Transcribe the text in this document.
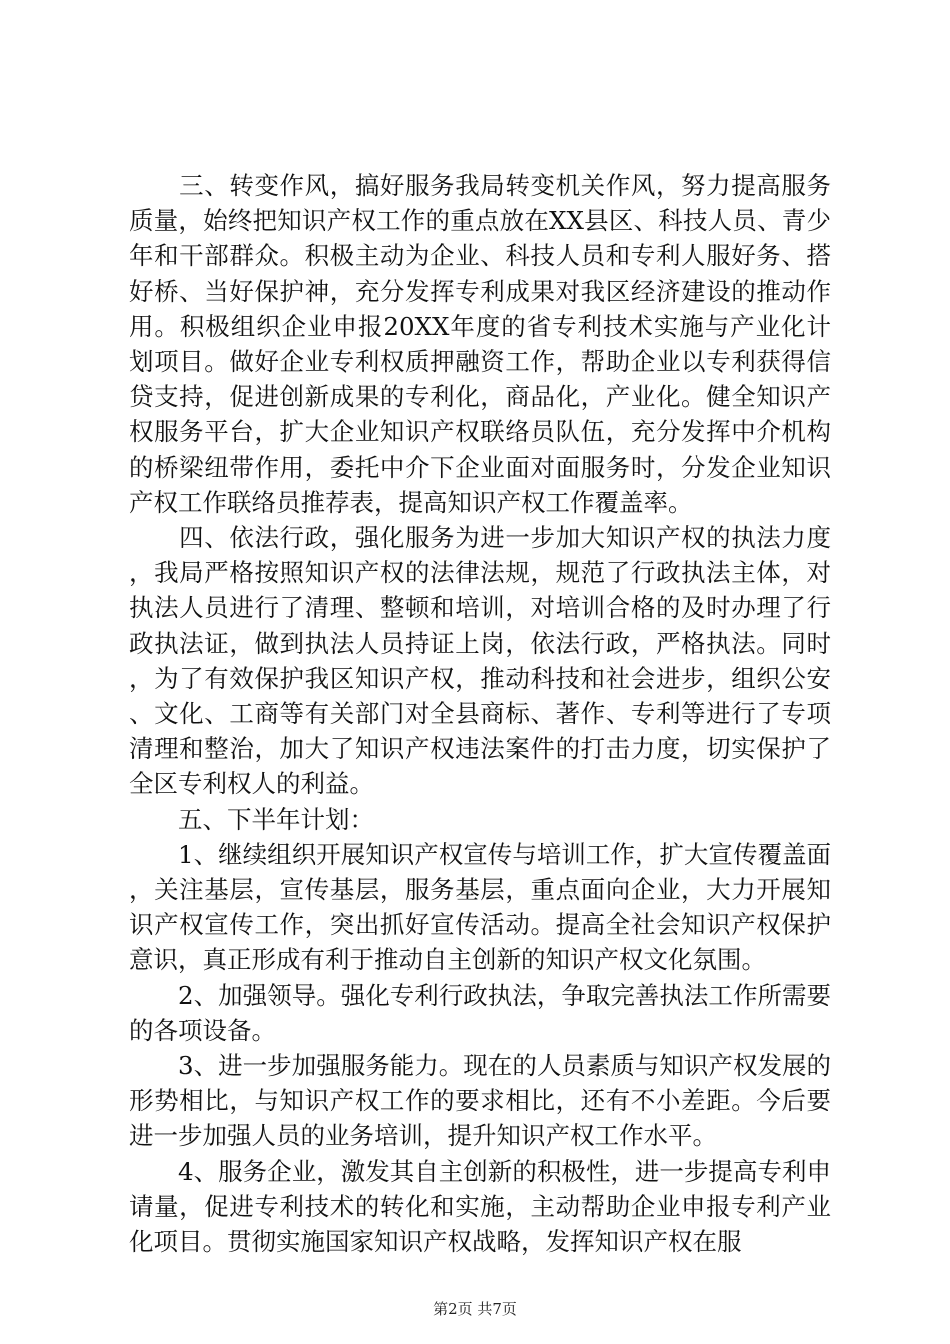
　　三、转变作风，搞好服务我局转变机关作风，努力提高服务质量，始终把知识产权工作的重点放在XX县区、科技人员、青少年和干部群众。积极主动为企业、科技人员和专利人服好务、搭好桥、当好保护神，充分发挥专利成果对我区经济建设的推动作用。积极组织企业申报20XX年度的省专利技术实施与产业化计划项目。做好企业专利权质押融资工作，帮助企业以专利获得信贷支持，促进创新成果的专利化，商品化，产业化。健全知识产权服务平台，扩大企业知识产权联络员队伍，充分发挥中介机构的桥梁纽带作用，委托中介下企业面对面服务时，分发企业知识产权工作联络员推荐表，提高知识产权工作覆盖率。

　　四、依法行政，强化服务为进一步加大知识产权的执法力度，我局严格按照知识产权的法律法规，规范了行政执法主体，对执法人员进行了清理、整顿和培训，对培训合格的及时办理了行政执法证，做到执法人员持证上岗，依法行政，严格执法。同时，为了有效保护我区知识产权，推动科技和社会进步，组织公安、文化、工商等有关部门对全县商标、著作、专利等进行了专项清理和整治，加大了知识产权违法案件的打击力度，切实保护了全区专利权人的利益。

　　五、下半年计划：

　　1、继续组织开展知识产权宣传与培训工作，扩大宣传覆盖面，关注基层，宣传基层，服务基层，重点面向企业，大力开展知识产权宣传工作，突出抓好宣传活动。提高全社会知识产权保护意识，真正形成有利于推动自主创新的知识产权文化氛围。

　　2、加强领导。强化专利行政执法，争取完善执法工作所需要的各项设备。

　　3、进一步加强服务能力。现在的人员素质与知识产权发展的形势相比，与知识产权工作的要求相比，还有不小差距。今后要进一步加强人员的业务培训，提升知识产权工作水平。

　　4、服务企业，激发其自主创新的积极性，进一步提高专利申请量，促进专利技术的转化和实施，主动帮助企业申报专利产业化项目。贯彻实施国家知识产权战略，发挥知识产权在服

第2页 共7页
